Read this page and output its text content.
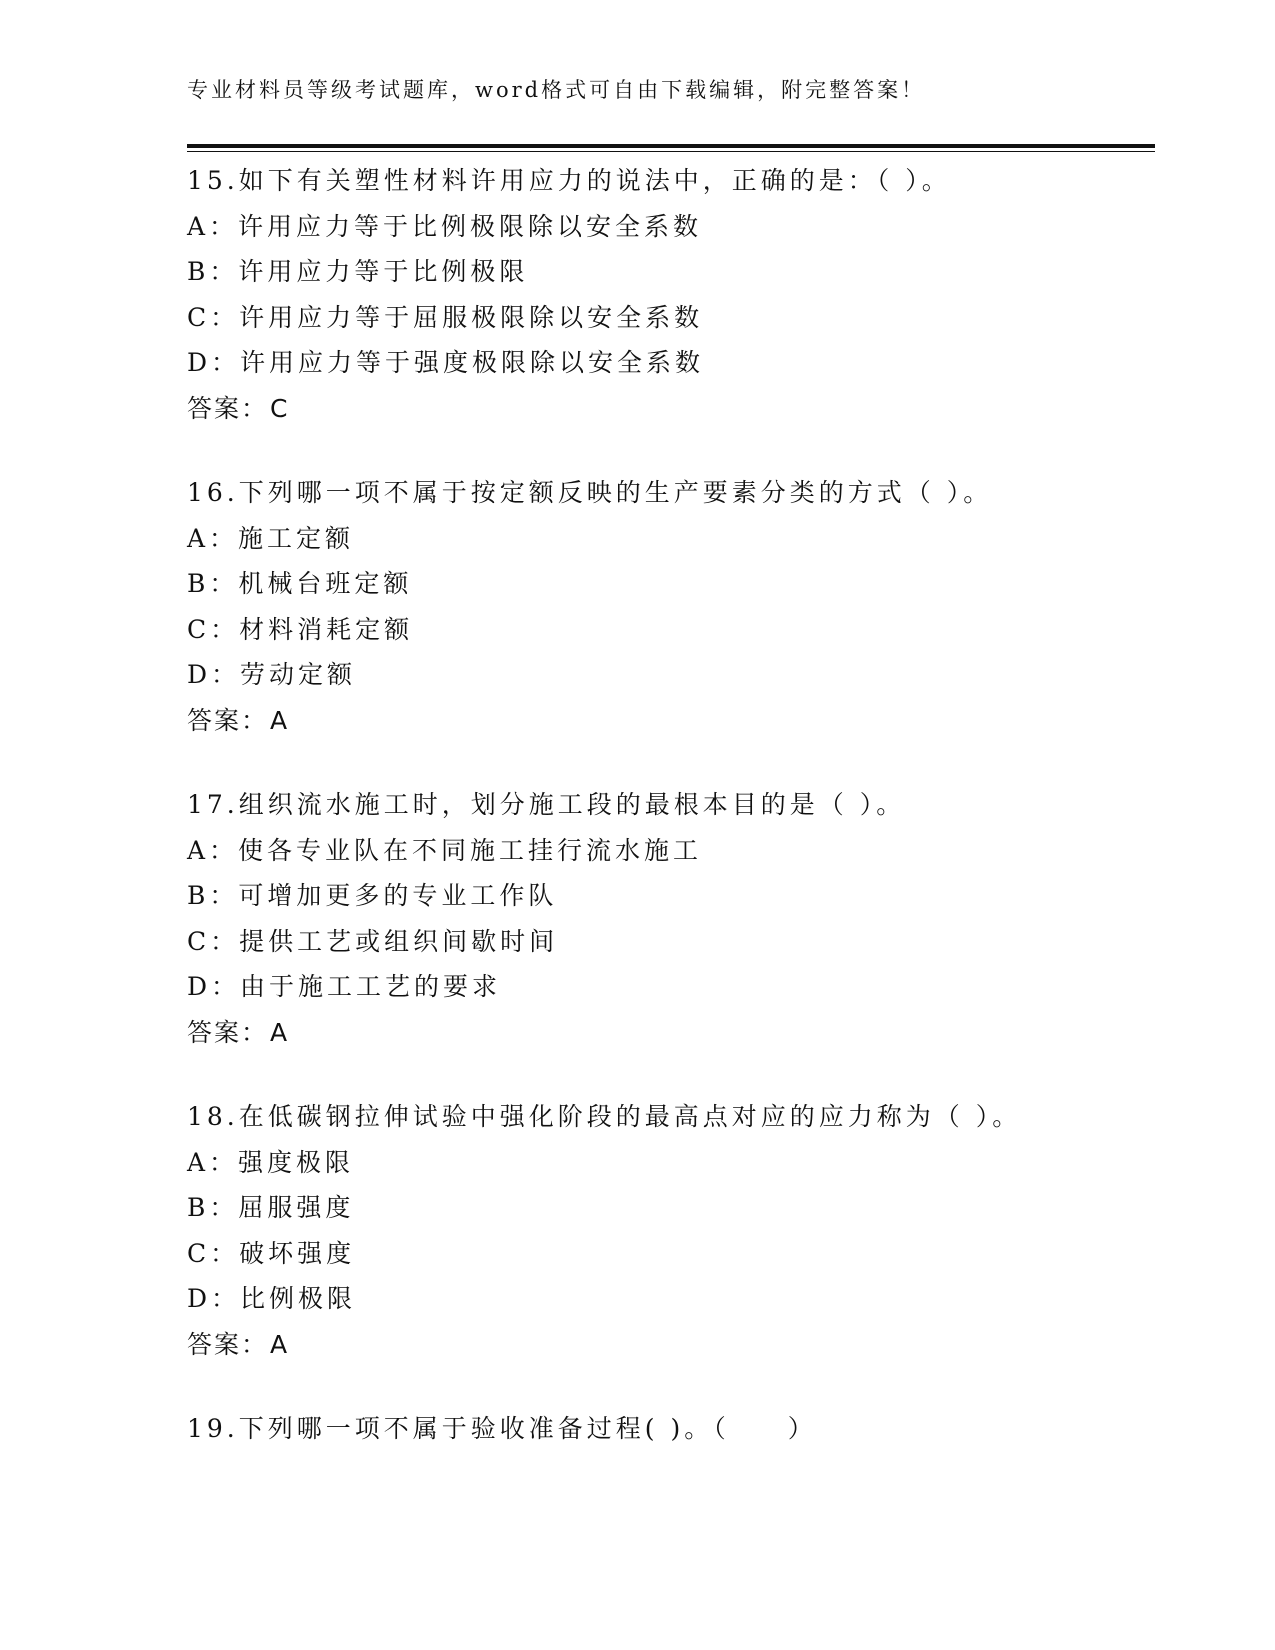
专业材料员等级考试题库，word格式可自由下载编辑，附完整答案！
15.如下有关塑性材料许用应力的说法中，正确的是：（ ）。
A：许用应力等于比例极限除以安全系数
B：许用应力等于比例极限
C：许用应力等于屈服极限除以安全系数
D：许用应力等于强度极限除以安全系数
答案：C
16.下列哪一项不属于按定额反映的生产要素分类的方式（ ）。
A：施工定额
B：机械台班定额
C：材料消耗定额
D：劳动定额
答案：A
17.组织流水施工时，划分施工段的最根本目的是（ ）。
A：使各专业队在不同施工挂行流水施工
B：可增加更多的专业工作队
C：提供工艺或组织间歇时间
D：由于施工工艺的要求
答案：A
18.在低碳钢拉伸试验中强化阶段的最高点对应的应力称为（ ）。
A：强度极限
B：屈服强度
C：破坏强度
D：比例极限
答案：A
19.下列哪一项不属于验收准备过程( )。（　　）
